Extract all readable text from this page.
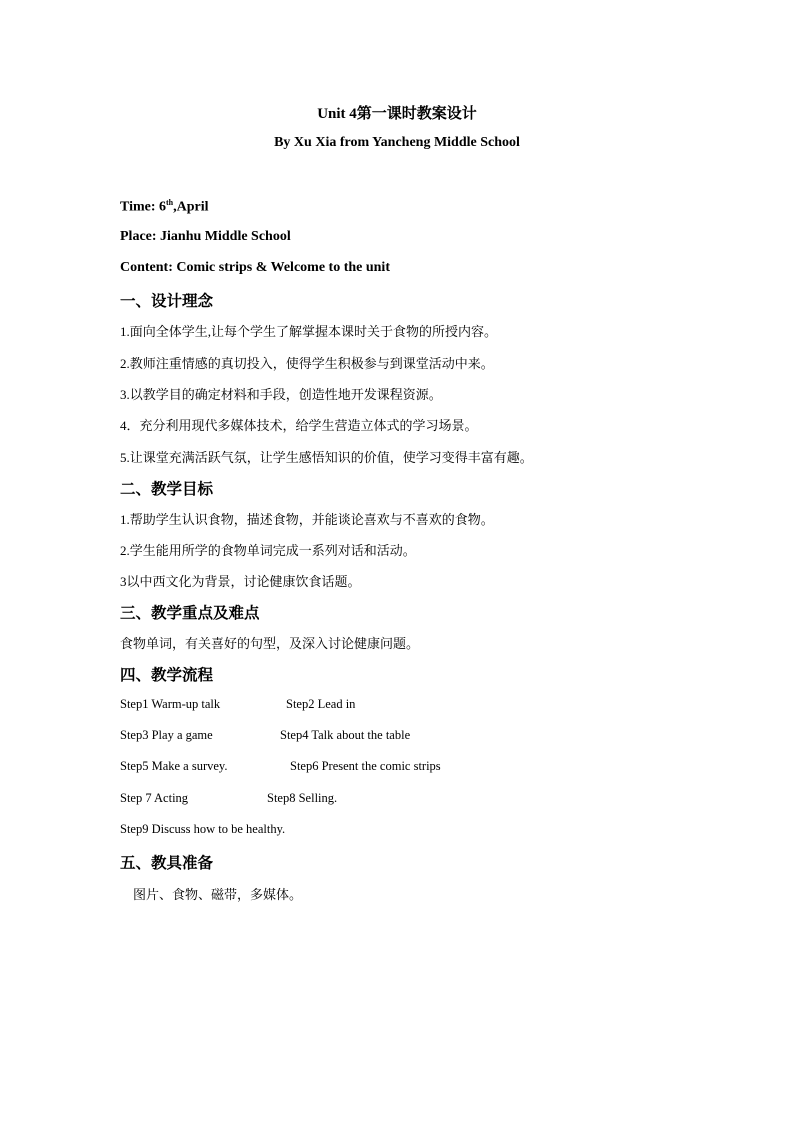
Unit 4第一课时教案设计
By Xu Xia from Yancheng Middle School
Time: 6th,April
Place: Jianhu Middle School
Content: Comic strips & Welcome to the unit
一、设计理念
1.面向全体学生,让每个学生了解掌握本课时关于食物的所授内容。
2.教师注重情感的真切投入，使得学生积极参与到课堂活动中来。
3.以教学目的确定材料和手段，创造性地开发课程资源。
4．充分利用现代多媒体技术，给学生营造立体式的学习场景。
5.让课堂充满活跃气氛，让学生感悟知识的价值，使学习变得丰富有趣。
二、教学目标
1.帮助学生认识食物，描述食物，并能谈论喜欢与不喜欢的食物。
2.学生能用所学的食物单词完成一系列对话和活动。
3以中西文化为背景，讨论健康饮食话题。
三、教学重点及难点
食物单词，有关喜好的句型，及深入讨论健康问题。
四、教学流程
Step1 Warm-up talk	Step2 Lead in
Step3 Play a game	Step4 Talk about the table
Step5 Make a survey.	Step6 Present the comic strips
Step 7 Acting	Step8 Selling.
Step9 Discuss how to be healthy.
五、教具准备
图片、食物、磁带，多媒体。
